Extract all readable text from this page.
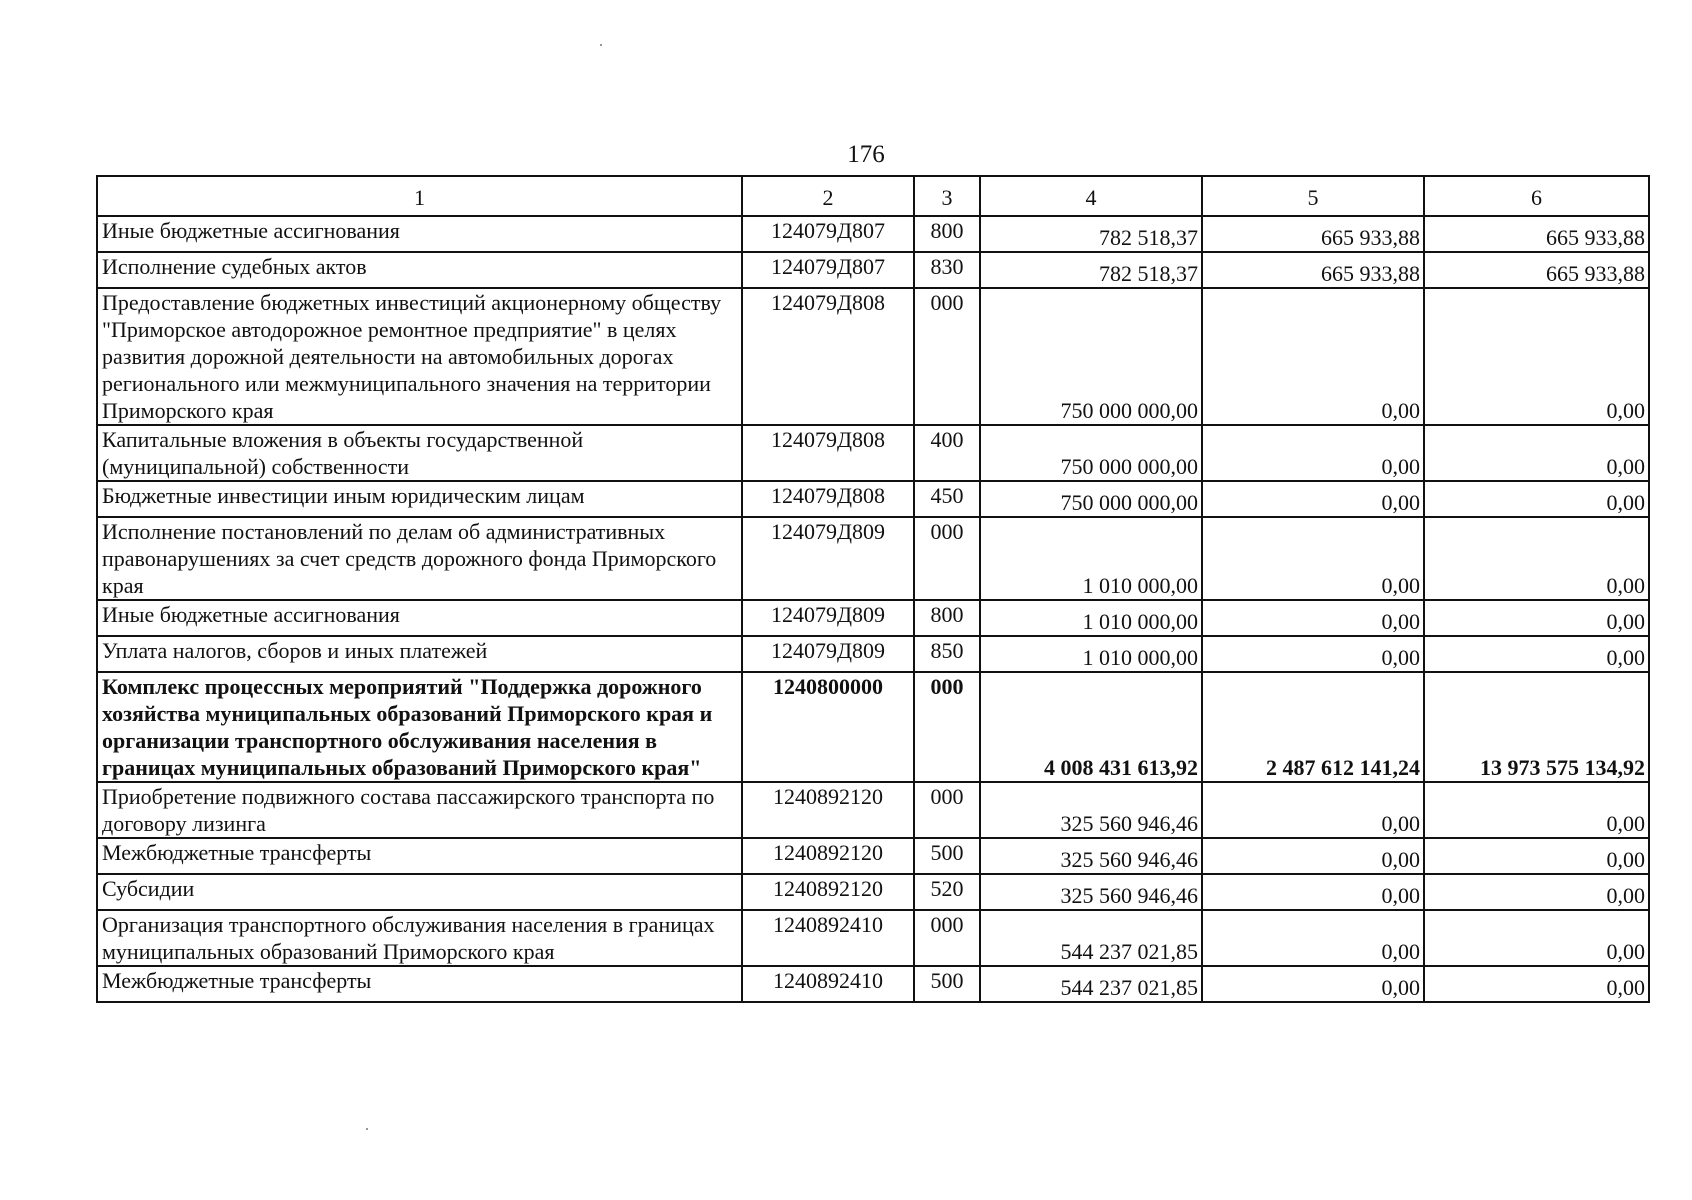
176
1	2	3	4	5	6
Иные бюджетные ассигнования	124079Д807	800	782 518,37	665 933,88	665 933,88
Исполнение судебных актов	124079Д807	830	782 518,37	665 933,88	665 933,88
Предоставление бюджетных инвестиций акционерному обществу "Приморское автодорожное ремонтное предприятие" в целях развития дорожной деятельности на автомобильных дорогах регионального или межмуниципального значения на территории Приморского края	124079Д808	000	750 000 000,00	0,00	0,00
Капитальные вложения в объекты государственной (муниципальной) собственности	124079Д808	400	750 000 000,00	0,00	0,00
Бюджетные инвестиции иным юридическим лицам	124079Д808	450	750 000 000,00	0,00	0,00
Исполнение постановлений по делам об административных правонарушениях за счет средств дорожного фонда Приморского края	124079Д809	000	1 010 000,00	0,00	0,00
Иные бюджетные ассигнования	124079Д809	800	1 010 000,00	0,00	0,00
Уплата налогов, сборов и иных платежей	124079Д809	850	1 010 000,00	0,00	0,00
Комплекс процессных мероприятий "Поддержка дорожного хозяйства муниципальных образований Приморского края и организации транспортного обслуживания населения в границах муниципальных образований Приморского края"	1240800000	000	4 008 431 613,92	2 487 612 141,24	13 973 575 134,92
Приобретение подвижного состава пассажирского транспорта по договору лизинга	1240892120	000	325 560 946,46	0,00	0,00
Межбюджетные трансферты	1240892120	500	325 560 946,46	0,00	0,00
Субсидии	1240892120	520	325 560 946,46	0,00	0,00
Организация транспортного обслуживания населения в границах муниципальных образований Приморского края	1240892410	000	544 237 021,85	0,00	0,00
Межбюджетные трансферты	1240892410	500	544 237 021,85	0,00	0,00
